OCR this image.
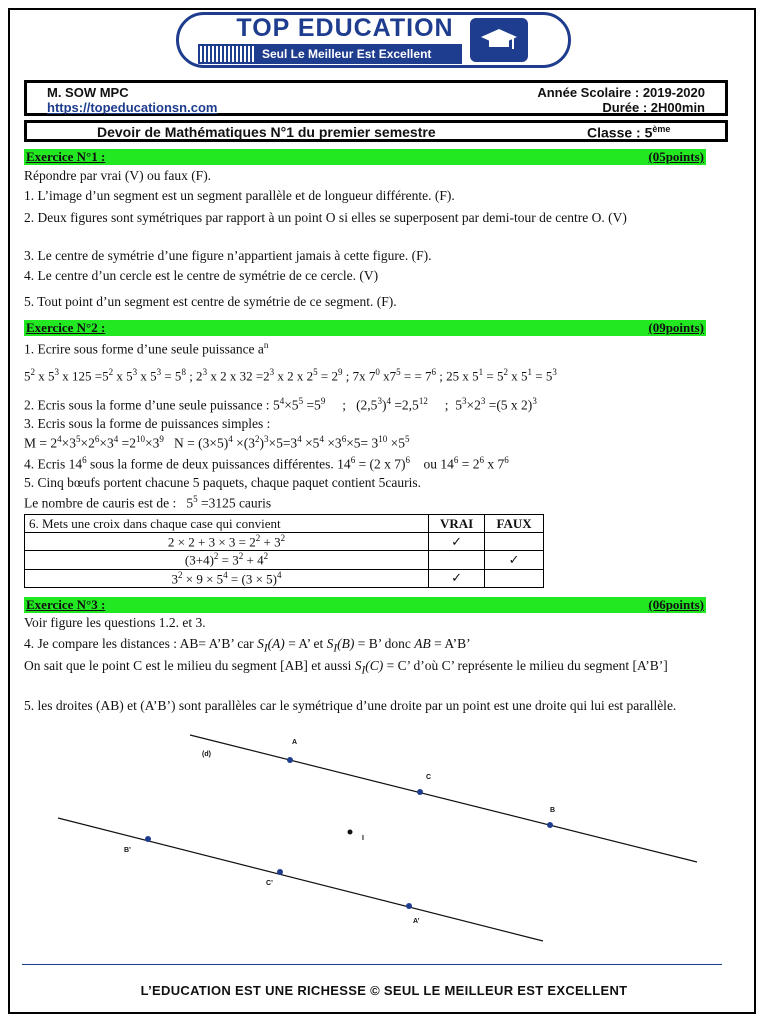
TOP EDUCATION
Seul Le Meilleur Est Excellent
M. SOW MPC
https://topeducationsn.com
Année Scolaire : 2019-2020
Durée : 2H00min
Devoir de Mathématiques N°1 du premier semestre	Classe : 5ème
Exercice N°1 :	(05points)
Répondre par vrai (V) ou faux (F).
1. L’image d’un segment est un segment parallèle et de longueur différente. (F).
2. Deux figures sont symétriques par rapport à un point O si elles se superposent par demi-tour de centre O. (V)
3. Le centre de symétrie d’une figure n’appartient jamais à cette figure. (F).
4. Le centre d’un cercle est le centre de symétrie de ce cercle. (V)
5. Tout point d’un segment est centre de symétrie de ce segment. (F).
Exercice N°2 :	(09points)
1. Ecrire sous forme d’une seule puissance $a^n$
$5^2$ x $5^3$ x $125 =5^2$ x $5^3$ x $5^3 = 5^8$ ; $2^3$ x 2 x $32 =2^3$ x 2 x $2^5 = 2^9$ ; 7x $7^0$ $x7^5$ = = $7^6$ ; 25 x $5^1 = 5^2$ x $5^1 = 5^3$
2. Ecris sous la forme d’une seule puissance : $5^4\times 5^5 =5^9$     ;   $(2,5^3)^4 =2,5^{12}$     ;  $5^3\times 2^3 =(5$ x 2)$^3$
3. Ecris sous la forme de puissances simples :
$M = 2^4\times 3^5\times 2^6\times 3^4 =2^{10}\times 3^9$   $N = (3\times 5)^4 \times(3^2)^3\times 5=3^4 \times 5^4 \times 3^6\times 5= 3^{10} \times 5^5$
4. Ecris $14^6$ sous la forme de deux puissances différentes. $14^6 = (2$ x 7)$^6$    ou $14^6 = 2^6$ x $7^6$
5. Cinq bœufs portent chacune 5 paquets, chaque paquet contient 5cauris.
Le nombre de cauris est de :   $5^5 =3125$ cauris
6. Mets une croix dans chaque case qui convient	VRAI	FAUX
$2 \times 2 + 3 \times 3 = 2^2 + 3^2$	✓	
$(3+4)^2 = 3^2 + 4^2$		✓
$3^2 \times 9 \times 5^4 = (3 \times 5)^4$	✓	
Exercice N°3 :	(06points)
Voir figure les questions 1.2. et 3.
4. Je compare les distances : AB= A’B’ car $S_I(A) = A$’ et $S_I(B) = B$’ donc AB = A’B’
On sait que le point C est le milieu du segment [AB] et aussi $S_I(C) = C$’ d’où C’ représente le milieu du segment [A’B’]
5. les droites (AB) et (A’B’) sont parallèles car le symétrique d’une droite par un point est une droite qui lui est parallèle.
(d)
A
C
B
I
B’
C’
A’
L’EDUCATION EST UNE RICHESSE © SEUL LE MEILLEUR EST EXCELLENT
